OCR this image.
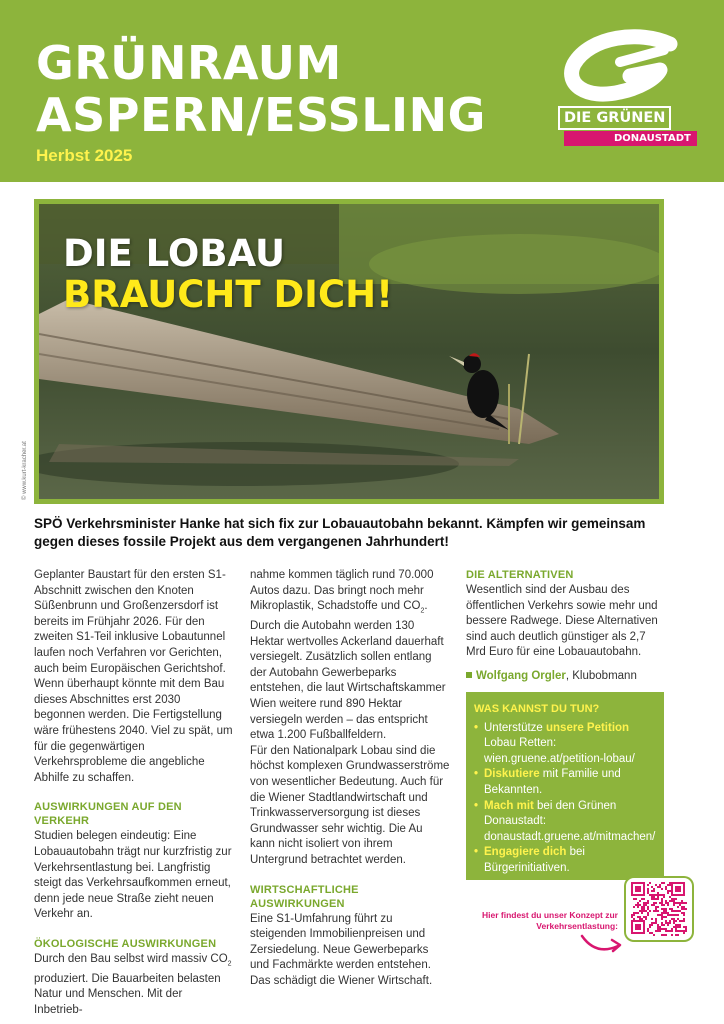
GRÜNRAUM
ASPERN/ESSLING
Herbst 2025
DIE GRÜNEN
DONAUSTADT
DIE LOBAU
BRAUCHT DICH!
© www.kurt-kracher.at
SPÖ Verkehrsminister Hanke hat sich fix zur Lobauautobahn bekannt. Kämpfen wir gemeinsam gegen dieses fossile Projekt aus dem vergangenen Jahrhundert!

Geplanter Baustart für den ersten S1-Abschnitt zwischen den Knoten Süßenbrunn und Großenzersdorf ist bereits im Frühjahr 2026. Für den zweiten S1-Teil inklusive Lobautunnel laufen noch Verfahren vor Gerichten, auch beim Europäischen Gerichtshof. Wenn überhaupt könnte mit dem Bau dieses Abschnittes erst 2030 begonnen werden. Die Fertigstellung wäre frühestens 2040. Viel zu spät, um für die gegenwärtigen Verkehrsprobleme die angebliche Abhilfe zu schaffen.

AUSWIRKUNGEN AUF DEN VERKEHR

Studien belegen eindeutig: Eine Lobauautobahn trägt nur kurzfristig zur Verkehrsentlastung bei. Langfristig steigt das Verkehrsaufkommen erneut, denn jede neue Straße zieht neuen Verkehr an.

ÖKOLOGISCHE AUSWIRKUNGEN

Durch den Bau selbst wird massiv $CO_2$ produziert. Die Bauarbeiten belasten Natur und Menschen. Mit der Inbetrieb-

nahme kommen täglich rund 70.000 Autos dazu. Das bringt noch mehr Mikroplastik, Schadstoffe und $CO_2$. Durch die Autobahn werden 130 Hektar wertvolles Ackerland dauerhaft versiegelt. Zusätzlich sollen entlang der Autobahn Gewerbeparks entstehen, die laut Wirtschaftskammer Wien weitere rund 890 Hektar versiegeln werden – das entspricht etwa 1.200 Fußballfeldern.

Für den Nationalpark Lobau sind die höchst komplexen Grundwasserströme von wesentlicher Bedeutung. Auch für die Wiener Stadtlandwirtschaft und Trinkwasserversorgung ist dieses Grundwasser sehr wichtig. Die Au kann nicht isoliert von ihrem Untergrund betrachtet werden.

WIRTSCHAFTLICHE AUSWIRKUNGEN

Eine S1-Umfahrung führt zu steigenden Immobilienpreisen und Zersiedelung. Neue Gewerbeparks und Fachmärkte werden entstehen. Das schädigt die Wiener Wirtschaft.

DIE ALTERNATIVEN

Wesentlich sind der Ausbau des öffentlichen Verkehrs sowie mehr und bessere Radwege. Diese Alternativen sind auch deutlich günstiger als 2,7 Mrd Euro für eine Lobauautobahn.

Wolfgang Orgler, Klubobmann

WAS KANNST DU TUN?
• Unterstütze unsere Petition Lobau Retten: wien.gruene.at/petition-lobau/
• Diskutiere mit Familie und Bekannten.
• Mach mit bei den Grünen Donaustadt: donaustadt.gruene.at/mitmachen/
• Engagiere dich bei Bürgerinitiativen.
Hier findest du unser Konzept zur Verkehrsentlastung:
